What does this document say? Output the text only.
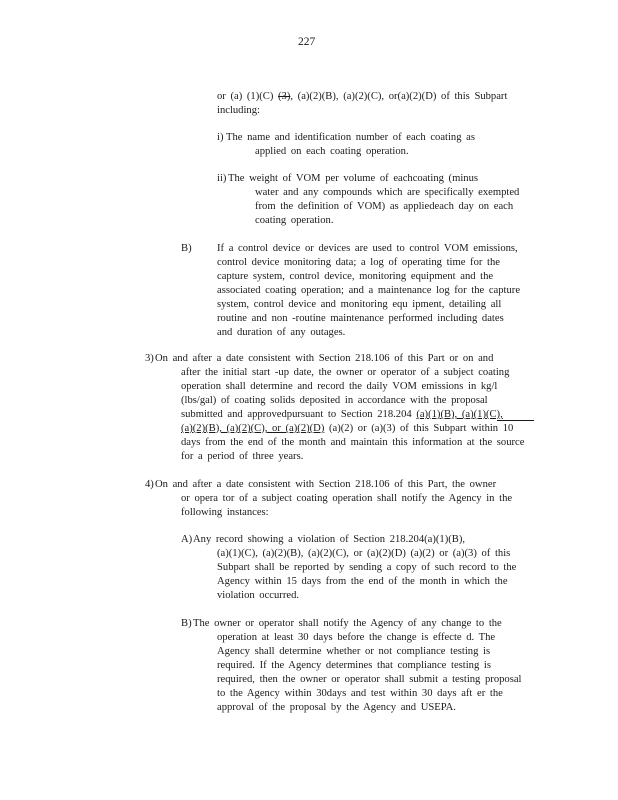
227
or (a) (1)(C) (3), (a)(2)(B), (a)(2)(C), or(a)(2)(D) of this Subpart
including:
i) The name and identification number of each coating as
applied on each coating operation.
ii) The weight of VOM per volume of eachcoating (minus
water and any compounds which are specifically exempted
from the definition of VOM) as appliedeach day on each
coating operation.
B) If a control device or devices are used to control VOM emissions,
control device monitoring data; a log of operating time for the
capture system, control device, monitoring equipment and the
associated coating operation; and a maintenance log for the capture
system, control device and monitoring equ ipment, detailing all
routine and non -routine maintenance performed including dates
and duration of any outages.
3) On and after a date consistent with Section 218.106 of this Part or on and
after the initial start -up date, the owner or operator of a subject coating
operation shall determine and record the daily VOM emissions in kg/l
(lbs/gal) of coating solids deposited in accordance with the proposal
submitted and approvedpursuant to Section 218.204 (a)(1)(B), (a)(1)(C),
(a)(2)(B), (a)(2)(C), or (a)(2)(D) (a)(2) or (a)(3) of this Subpart within 10
days from the end of the month and maintain this information at the source
for a period of three years.
4) On and after a date consistent with Section 218.106 of this Part, the owner
or opera tor of a subject coating operation shall notify the Agency in the
following instances:
A) Any record showing a violation of Section 218.204(a)(1)(B),
(a)(1)(C), (a)(2)(B), (a)(2)(C), or (a)(2)(D) (a)(2) or (a)(3) of this
Subpart shall be reported by sending a copy of such record to the
Agency within 15 days from the end of the month in which the
violation occurred.
B) The owner or operator shall notify the Agency of any change to the
operation at least 30 days before the change is effecte d. The
Agency shall determine whether or not compliance testing is
required. If the Agency determines that compliance testing is
required, then the owner or operator shall submit a testing proposal
to the Agency within 30days and test within 30 days aft er the
approval of the proposal by the Agency and USEPA.
